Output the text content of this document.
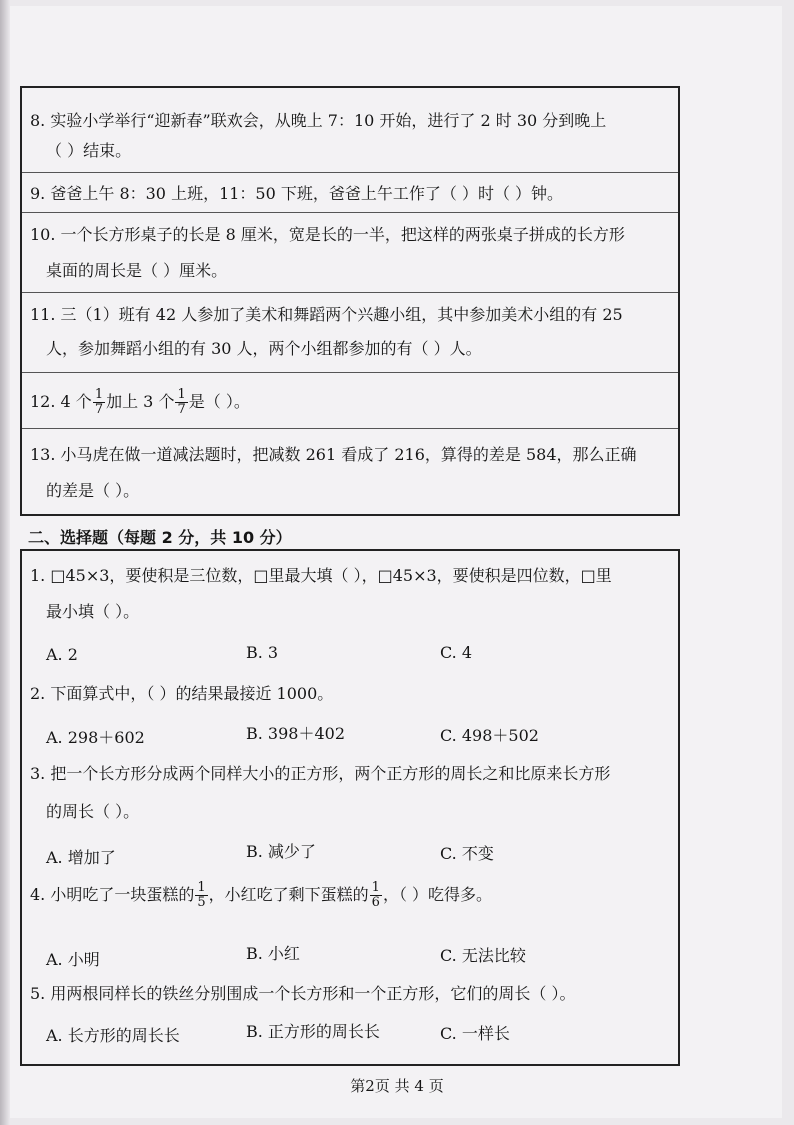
8. 实验小学举行“迎新春”联欢会，从晚上 7：10 开始，进行了 2 时 30 分到晚上
（ ）结束。
9. 爸爸上午 8：30 上班，11：50 下班，爸爸上午工作了（ ）时（ ）钟。
10. 一个长方形桌子的长是 8 厘米，宽是长的一半，把这样的两张桌子拼成的长方形
桌面的周长是（ ）厘米。
11. 三（1）班有 42 人参加了美术和舞蹈两个兴趣小组，其中参加美术小组的有 25
人，参加舞蹈小组的有 30 人，两个小组都参加的有（ ）人。
12. 4 个 $\frac{1}{7}$ 加上 3 个 $\frac{1}{7}$ 是（ ）。
13. 小马虎在做一道减法题时，把减数 261 看成了 216，算得的差是 584，那么正确
的差是（ ）。
二、选择题（每题 2 分，共 10 分）
1. □45×3，要使积是三位数，□里最大填（ ），□45×3，要使积是四位数，□里
最小填（ ）。
A. 2	B. 3	C. 4
2. 下面算式中，（ ）的结果最接近 1000。
A. 298＋602	B. 398＋402	C. 498＋502
3. 把一个长方形分成两个同样大小的正方形，两个正方形的周长之和比原来长方形
的周长（ ）。
A. 增加了	B. 减少了	C. 不变
4. 小明吃了一块蛋糕的 $\frac{1}{5}$ ，小红吃了剩下蛋糕的 $\frac{1}{6}$ ，（ ）吃得多。
A. 小明	B. 小红	C. 无法比较
5. 用两根同样长的铁丝分别围成一个长方形和一个正方形，它们的周长（ ）。
A. 长方形的周长长	B. 正方形的周长长	C. 一样长
第2页 共 4 页
